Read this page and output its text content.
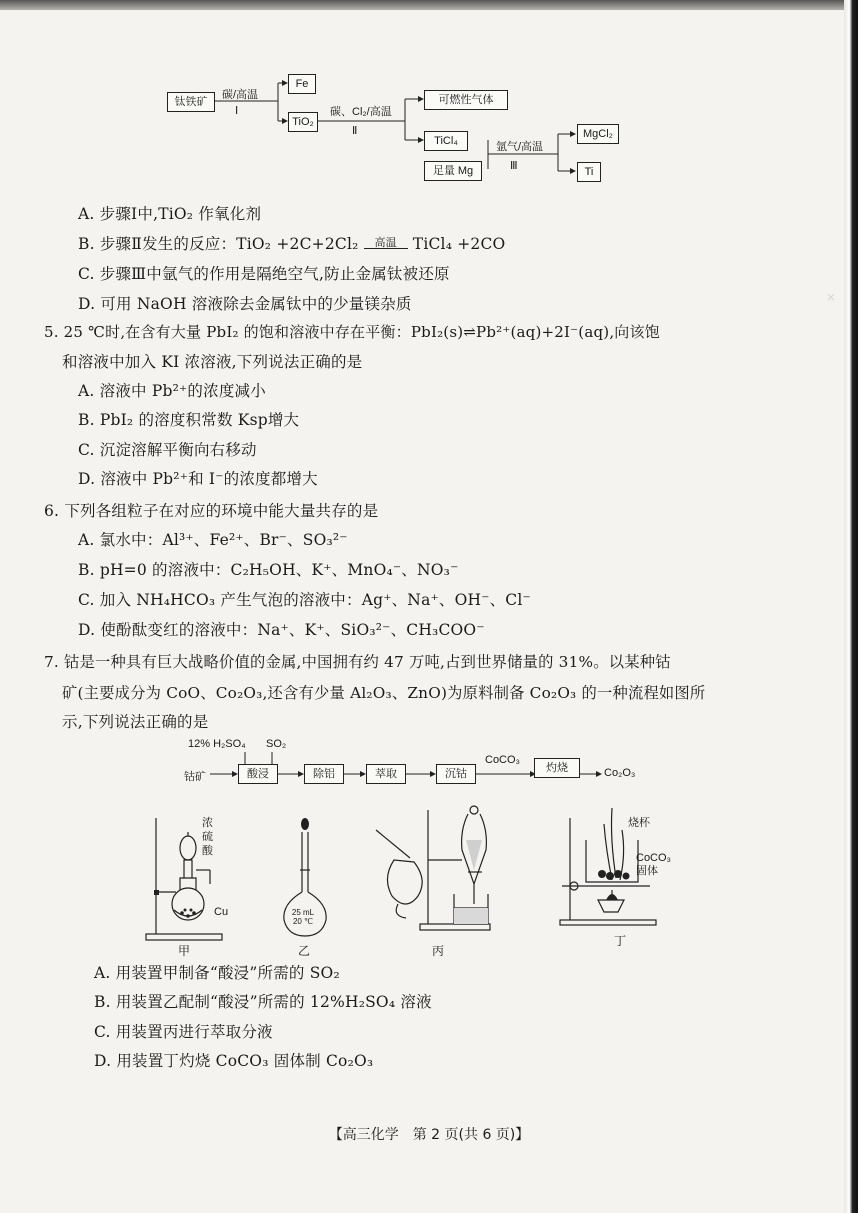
×
钛铁矿
碳/高温
Ⅰ
Fe
TiO₂
碳、Cl₂/高温
Ⅱ
可燃性气体
TiCl₄
足量 Mg
氩气/高温
Ⅲ
MgCl₂
Ti
A. 步骤Ⅰ中,TiO₂ 作氧化剂
B. 步骤Ⅱ发生的反应：TiO₂ +2C+2Cl₂	高温	TiCl₄ +2CO
C. 步骤Ⅲ中氩气的作用是隔绝空气,防止金属钛被还原
D. 可用 NaOH 溶液除去金属钛中的少量镁杂质
5. 25 ℃时,在含有大量 PbI₂ 的饱和溶液中存在平衡：PbI₂(s)⇌Pb²⁺(aq)+2I⁻(aq),向该饱
和溶液中加入 KI 浓溶液,下列说法正确的是
A. 溶液中 Pb²⁺的浓度减小
B. PbI₂ 的溶度积常数 Ksp增大
C. 沉淀溶解平衡向右移动
D. 溶液中 Pb²⁺和 I⁻的浓度都增大
6. 下列各组粒子在对应的环境中能大量共存的是
A. 氯水中：Al³⁺、Fe²⁺、Br⁻、SO₃²⁻
B. pH=0 的溶液中：C₂H₅OH、K⁺、MnO₄⁻、NO₃⁻
C. 加入 NH₄HCO₃ 产生气泡的溶液中：Ag⁺、Na⁺、OH⁻、Cl⁻
D. 使酚酞变红的溶液中：Na⁺、K⁺、SiO₃²⁻、CH₃COO⁻
7. 钴是一种具有巨大战略价值的金属,中国拥有约 47 万吨,占到世界储量的 31%。以某种钴
矿(主要成分为 CoO、Co₂O₃,还含有少量 Al₂O₃、ZnO)为原料制备 Co₂O₃ 的一种流程如图所
示,下列说法正确的是
12% H₂SO₄ SO₂
钴矿	酸浸	除铝	萃取	沉钴
CoCO₃
灼烧	Co₂O₃
浓硫酸
Cu
甲
25 mL 20 ℃
乙	丙
烧杯
CoCO₃ 固体
丁
A. 用装置甲制备“酸浸”所需的 SO₂
B. 用装置乙配制“酸浸”所需的 12%H₂SO₄ 溶液
C. 用装置丙进行萃取分液
D. 用装置丁灼烧 CoCO₃ 固体制 Co₂O₃
【高三化学　第 2 页(共 6 页)】
